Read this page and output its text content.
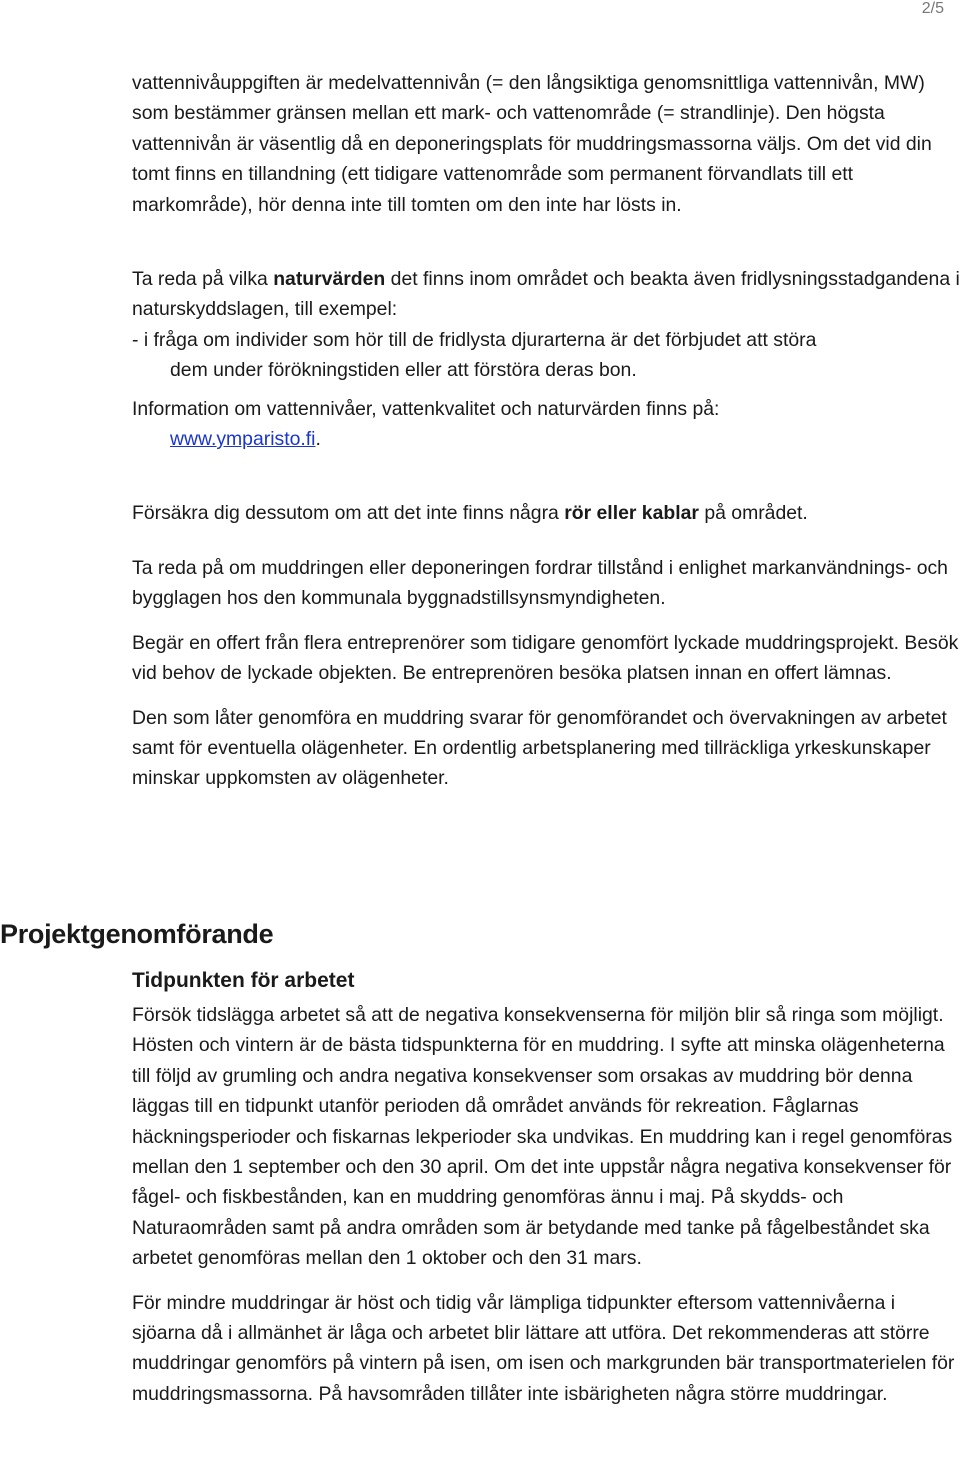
2/5

vattennivåuppgiften är medelvattennivån (= den långsiktiga genomsnittliga vattennivån, MW) som bestämmer gränsen mellan ett mark- och vattenområde (= strandlinje). Den högsta vattennivån är väsentlig då en deponeringsplats för muddringsmassorna väljs. Om det vid din tomt finns en tillandning (ett tidigare vattenområde som permanent förvandlats till ett markområde), hör denna inte till tomten om den inte har lösts in.

Ta reda på vilka naturvärden det finns inom området och beakta även fridlysningsstadgandena i naturskyddslagen, till exempel:

- i fråga om individer som hör till de fridlysta djurarterna är det förbjudet att störa

dem under förökningstiden eller att förstöra deras bon.

Information om vattennivåer, vattenkvalitet och naturvärden finns på:

www.ymparisto.fi.

Försäkra dig dessutom om att det inte finns några rör eller kablar på området.

Ta reda på om muddringen eller deponeringen fordrar tillstånd i enlighet markanvändnings- och bygglagen hos den kommunala byggnadstillsynsmyndigheten.

Begär en offert från flera entreprenörer som tidigare genomfört lyckade muddringsprojekt. Besök vid behov de lyckade objekten. Be entreprenören besöka platsen innan en offert lämnas.

Den som låter genomföra en muddring svarar för genomförandet och övervakningen av arbetet samt för eventuella olägenheter. En ordentlig arbetsplanering med tillräckliga yrkeskunskaper minskar uppkomsten av olägenheter.

Projektgenomförande
Tidpunkten för arbetet

Försök tidslägga arbetet så att de negativa konsekvenserna för miljön blir så ringa som möjligt. Hösten och vintern är de bästa tidspunkterna för en muddring. I syfte att minska olägenheterna till följd av grumling och andra negativa konsekvenser som orsakas av muddring bör denna läggas till en tidpunkt utanför perioden då området används för rekreation. Fåglarnas häckningsperioder och fiskarnas lekperioder ska undvikas. En muddring kan i regel genomföras mellan den 1 september och den 30 april. Om det inte uppstår några negativa konsekvenser för fågel- och fiskbestånden, kan en muddring genomföras ännu i maj. På skydds- och Naturaområden samt på andra områden som är betydande med tanke på fågelbeståndet ska arbetet genomföras mellan den 1 oktober och den 31 mars.

För mindre muddringar är höst och tidig vår lämpliga tidpunkter eftersom vattennivåerna i sjöarna då i allmänhet är låga och arbetet blir lättare att utföra. Det rekommenderas att större muddringar genomförs på vintern på isen, om isen och markgrunden bär transportmaterielen för muddringsmassorna. På havsområden tillåter inte isbärigheten några större muddringar.
